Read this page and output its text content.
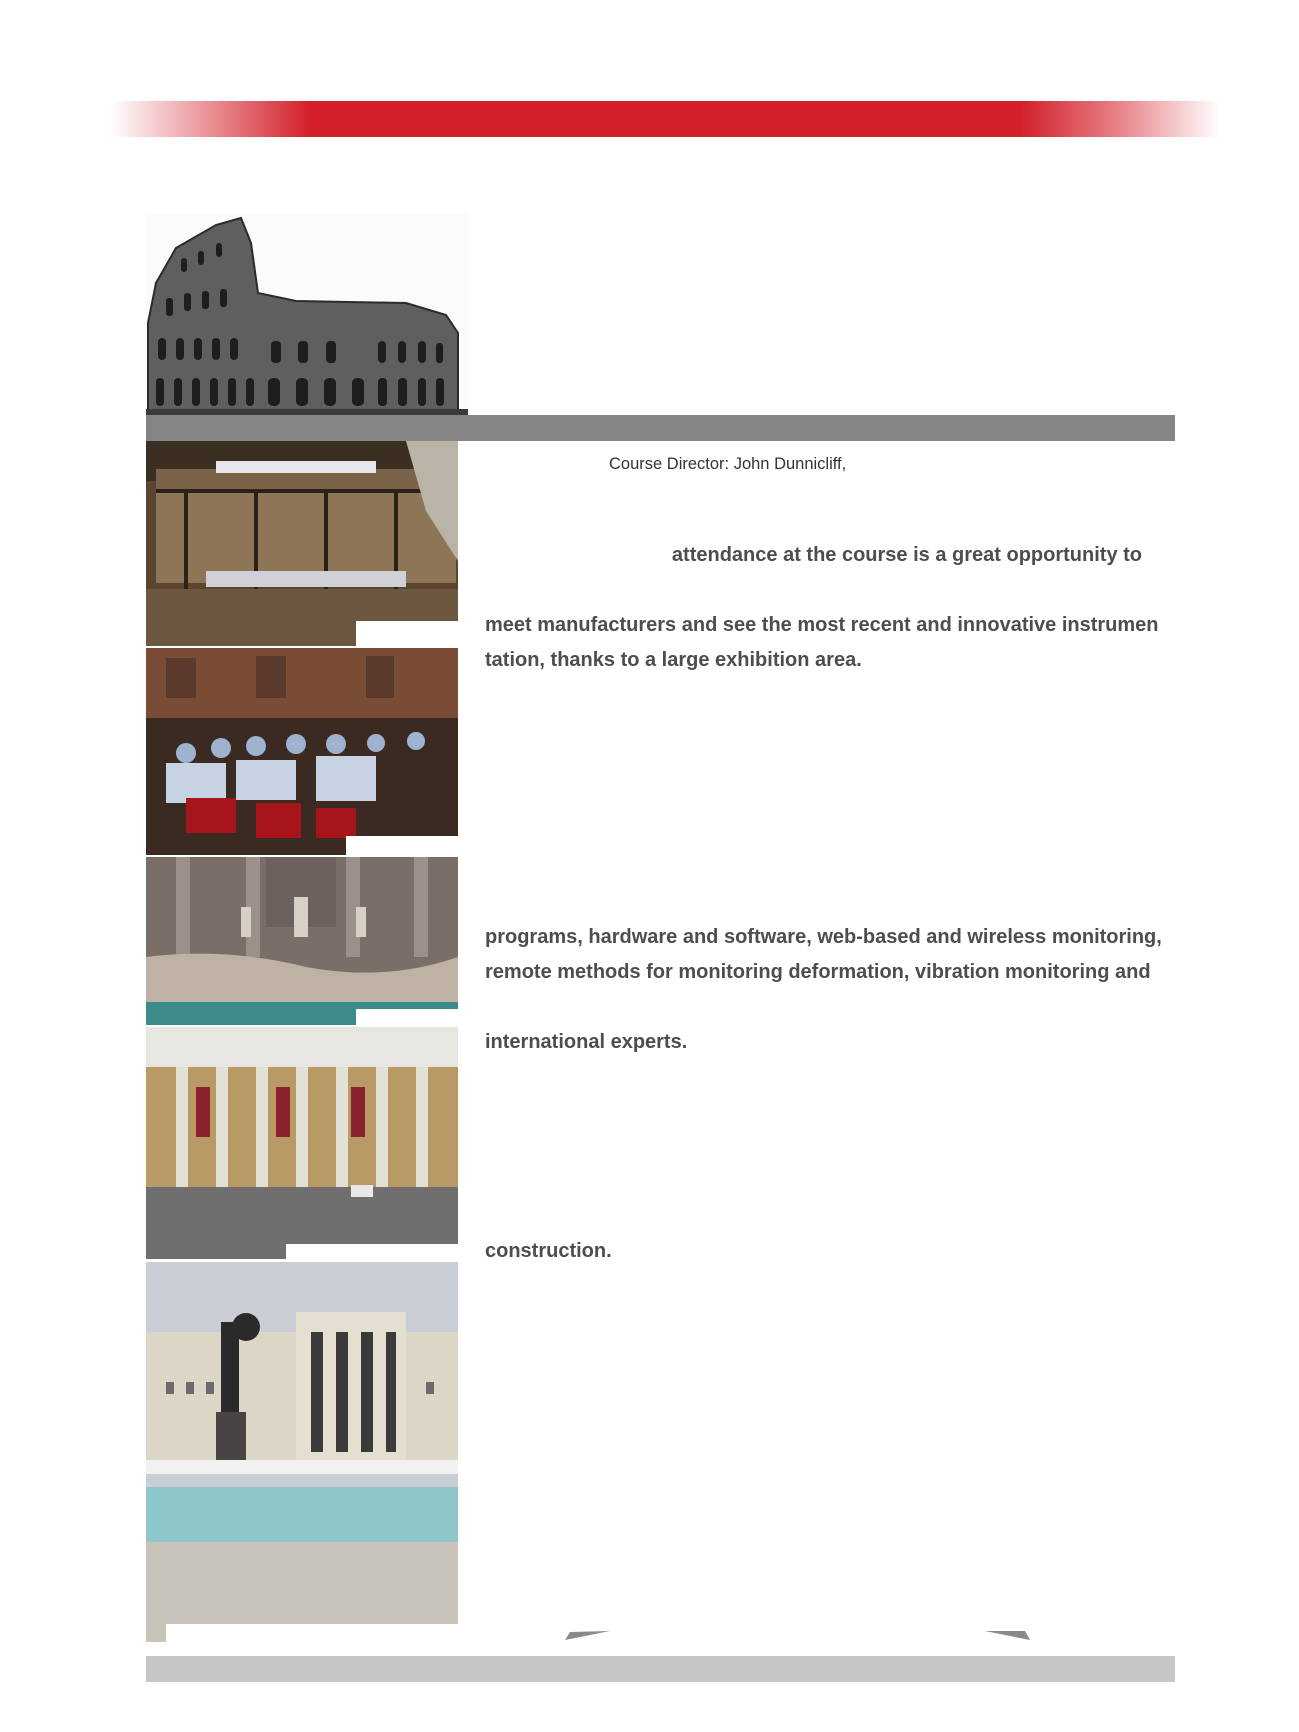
Course Director: John Dunnicliff,
attendance at the course is a great opportunity to
meet manufacturers and see the most recent and innovative instrumen
tation, thanks to a large exhibition area.
programs, hardware and software, web-based and wireless monitoring,
remote methods for monitoring deformation, vibration monitoring and
international experts.
construction.
